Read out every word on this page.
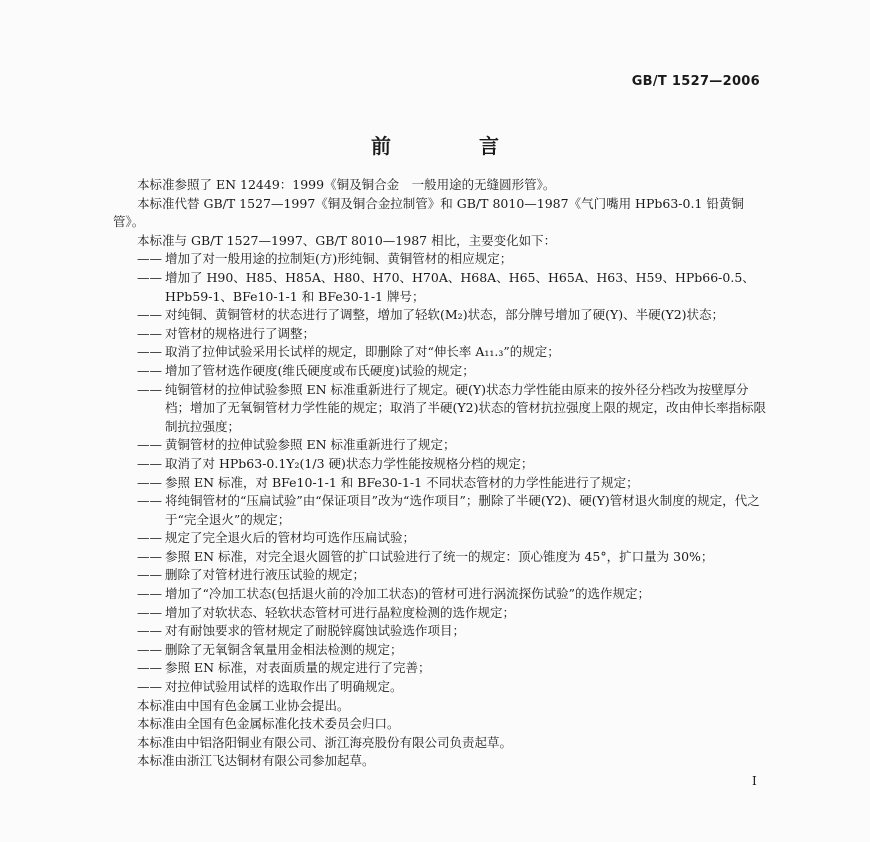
GB/T 1527—2006
前　言

本标准参照了 EN 12449：1999《铜及铜合金　一般用途的无缝圆形管》。

本标准代替 GB/T 1527—1997《铜及铜合金拉制管》和 GB/T 8010—1987《气门嘴用 HPb63-0.1 铅黄铜管》。

本标准与 GB/T 1527—1997、GB/T 8010—1987 相比，主要变化如下：

—— 增加了对一般用途的拉制矩(方)形纯铜、黄铜管材的相应规定；

—— 增加了 H90、H85、H85A、H80、H70、H70A、H68A、H65、H65A、H63、H59、HPb66-0.5、HPb59-1、BFe10-1-1 和 BFe30-1-1 牌号；

—— 对纯铜、黄铜管材的状态进行了调整，增加了轻软(M₂)状态，部分牌号增加了硬(Y)、半硬(Y2)状态；

—— 对管材的规格进行了调整；

—— 取消了拉伸试验采用长试样的规定，即删除了对“伸长率 A₁₁.₃”的规定；

—— 增加了管材选作硬度(维氏硬度或布氏硬度)试验的规定；

—— 纯铜管材的拉伸试验参照 EN 标准重新进行了规定。硬(Y)状态力学性能由原来的按外径分档改为按壁厚分档；增加了无氧铜管材力学性能的规定；取消了半硬(Y2)状态的管材抗拉强度上限的规定，改由伸长率指标限制抗拉强度；

—— 黄铜管材的拉伸试验参照 EN 标准重新进行了规定；

—— 取消了对 HPb63-0.1Y₂(1/3 硬)状态力学性能按规格分档的规定；

—— 参照 EN 标准，对 BFe10-1-1 和 BFe30-1-1 不同状态管材的力学性能进行了规定；

—— 将纯铜管材的“压扁试验”由“保证项目”改为“选作项目”；删除了半硬(Y2)、硬(Y)管材退火制度的规定，代之于“完全退火”的规定；

—— 规定了完全退火后的管材均可选作压扁试验；

—— 参照 EN 标准，对完全退火圆管的扩口试验进行了统一的规定：顶心锥度为 45°，扩口量为 30%；

—— 删除了对管材进行液压试验的规定；

—— 增加了“冷加工状态(包括退火前的冷加工状态)的管材可进行涡流探伤试验”的选作规定；

—— 增加了对软状态、轻软状态管材可进行晶粒度检测的选作规定；

—— 对有耐蚀要求的管材规定了耐脱锌腐蚀试验选作项目；

—— 删除了无氧铜含氧量用金相法检测的规定；

—— 参照 EN 标准，对表面质量的规定进行了完善；

—— 对拉伸试验用试样的选取作出了明确规定。

本标准由中国有色金属工业协会提出。

本标准由全国有色金属标准化技术委员会归口。

本标准由中铝洛阳铜业有限公司、浙江海亮股份有限公司负责起草。

本标准由浙江飞达铜材有限公司参加起草。

I
